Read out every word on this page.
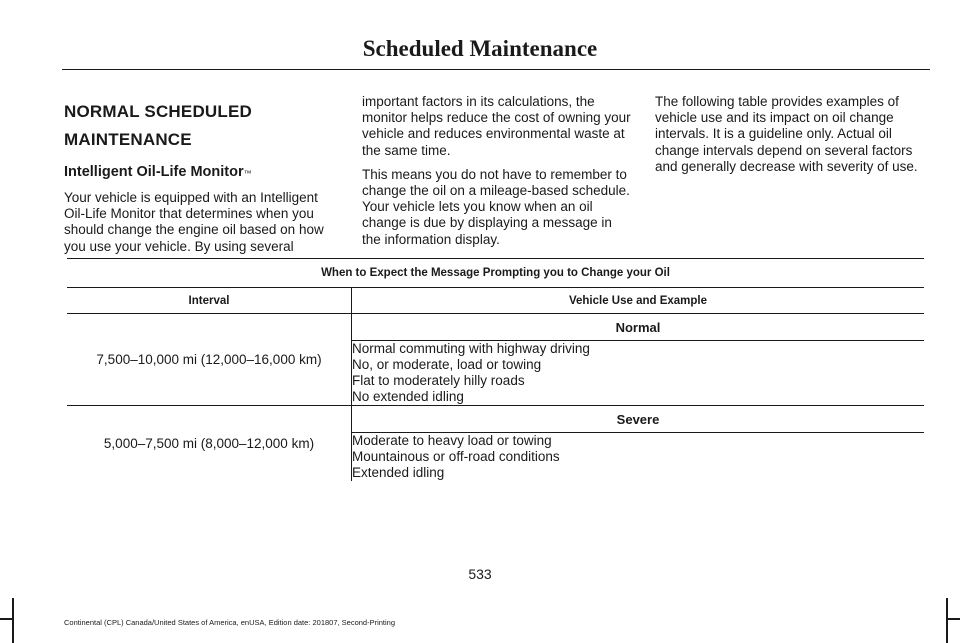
Scheduled Maintenance
NORMAL SCHEDULED
MAINTENANCE
Intelligent Oil-Life Monitor™
Your vehicle is equipped with an Intelligent Oil-Life Monitor that determines when you should change the engine oil based on how you use your vehicle. By using several
important factors in its calculations, the monitor helps reduce the cost of owning your vehicle and reduces environmental waste at the same time.
This means you do not have to remember to change the oil on a mileage-based schedule. Your vehicle lets you know when an oil change is due by displaying a message in the information display.
The following table provides examples of vehicle use and its impact on oil change intervals. It is a guideline only. Actual oil change intervals depend on several factors and generally decrease with severity of use.
When to Expect the Message Prompting you to Change your Oil	
Interval	Vehicle Use and Example
7,500–10,000 mi (12,000–16,000 km)	Normal

	Normal commuting with highway driving
No, or moderate, load or towing
Flat to moderately hilly roads
No extended idling

5,000–7,500 mi (8,000–12,000 km)	Severe

	Moderate to heavy load or towing
Mountainous or off-road conditions
Extended idling
533
Continental (CPL) Canada/United States of America, enUSA, Edition date: 201807, Second-Printing
